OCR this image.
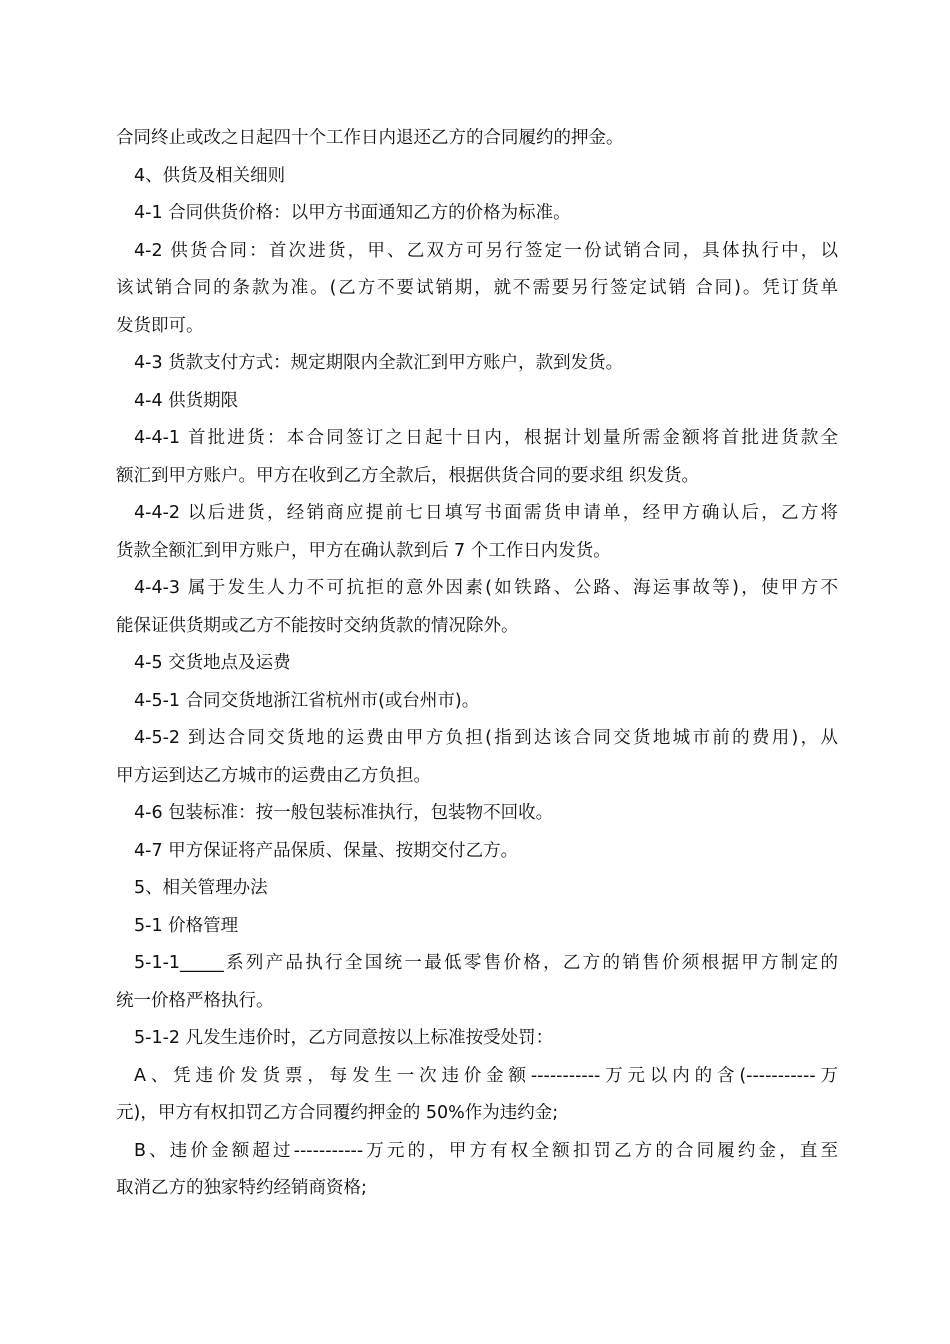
合同终止或改之日起四十个工作日内退还乙方的合同履约的押金。
4、供货及相关细则
4-1 合同供货价格：以甲方书面通知乙方的价格为标准。
4-2 供货合同：首次进货，甲、乙双方可另行签定一份试销合同，具体执行中，以
该试销合同的条款为准。(乙方不要试销期，就不需要另行签定试销 合同)。凭订货单
发货即可。
4-3 货款支付方式：规定期限内全款汇到甲方账户，款到发货。
4-4 供货期限
4-4-1 首批进货：本合同签订之日起十日内，根据计划量所需金额将首批进货款全
额汇到甲方账户。甲方在收到乙方全款后，根据供货合同的要求组 织发货。
4-4-2 以后进货，经销商应提前七日填写书面需货申请单，经甲方确认后，乙方将
货款全额汇到甲方账户，甲方在确认款到后 7 个工作日内发货。
4-4-3 属于发生人力不可抗拒的意外因素(如铁路、公路、海运事故等)，使甲方不
能保证供货期或乙方不能按时交纳货款的情况除外。
4-5 交货地点及运费
4-5-1 合同交货地浙江省杭州市(或台州市)。
4-5-2 到达合同交货地的运费由甲方负担(指到达该合同交货地城市前的费用)，从
甲方运到达乙方城市的运费由乙方负担。
4-6 包装标准：按一般包装标准执行，包装物不回收。
4-7 甲方保证将产品保质、保量、按期交付乙方。
5、相关管理办法
5-1 价格管理
5-1-1_____系列产品执行全国统一最低零售价格，乙方的销售价须根据甲方制定的
统一价格严格执行。
5-1-2 凡发生违价时，乙方同意按以上标准按受处罚：
A、凭违价发货票，每发生一次违价金额-----------万元以内的含(-----------万
元)，甲方有权扣罚乙方合同覆约押金的 50%作为违约金;
B、违价金额超过-----------万元的，甲方有权全额扣罚乙方的合同履约金，直至
取消乙方的独家特约经销商资格;
